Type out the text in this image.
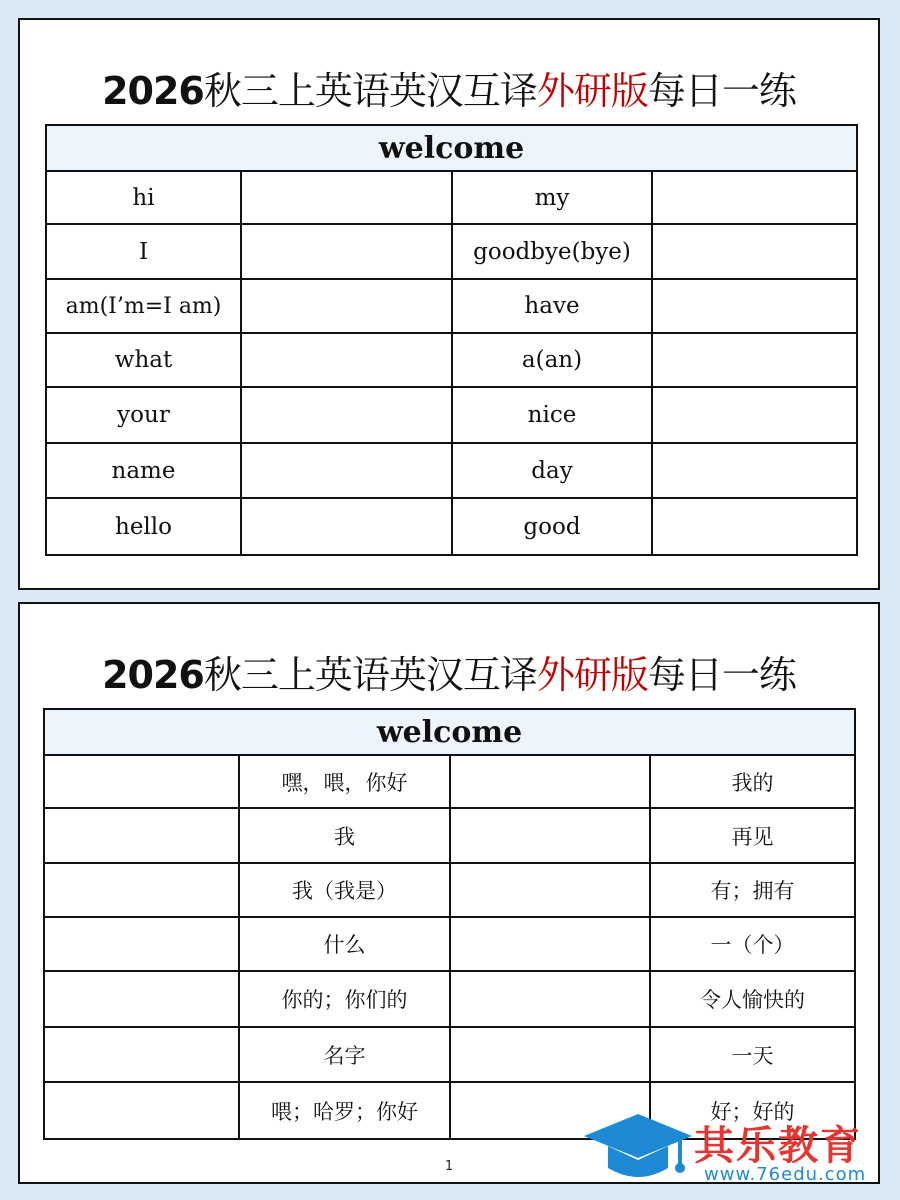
2026秋三上英语英汉互译外研版每日一练
welcome			
hi		my	
I		goodbye(bye)	
am(I’m=I am)		have	
what		a(an)	
your		nice	
name		day	
hello		good	
2026秋三上英语英汉互译外研版每日一练
welcome			
	嘿，喂，你好		我的
	我		再见
	我（我是）		有；拥有
	什么		一（个）
	你的；你们的		令人愉快的
	名字		一天
	喂；哈罗；你好		好；好的
1	其乐教育
www.76edu.com
